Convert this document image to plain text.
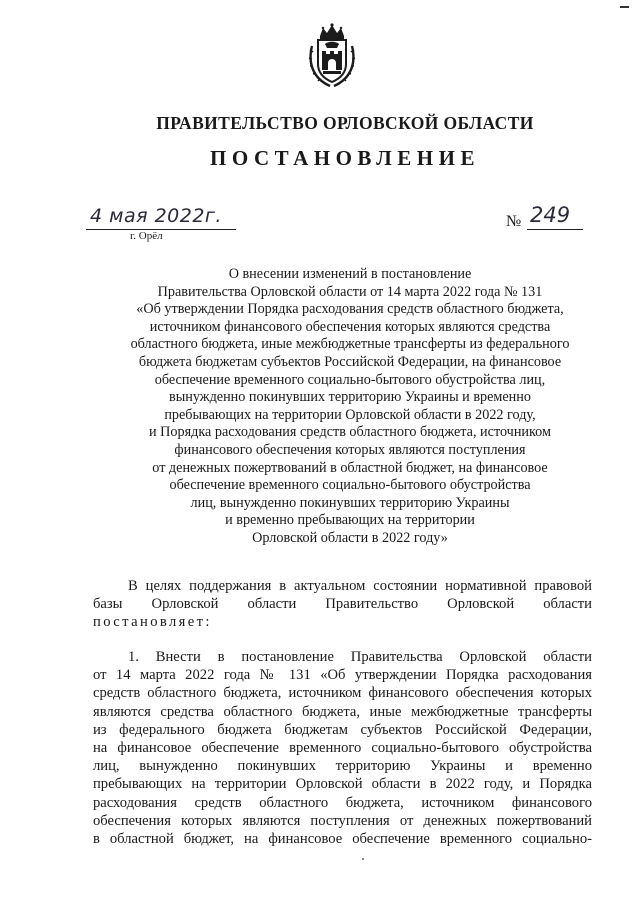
ПРАВИТЕЛЬСТВО ОРЛОВСКОЙ ОБЛАСТИ
ПОСТАНОВЛЕНИЕ
4 мая 2022г.
г. Орёл
№ 249
О внесении изменений в постановление
Правительства Орловской области от 14 марта 2022 года № 131
«Об утверждении Порядка расходования средств областного бюджета,
источником финансового обеспечения которых являются средства
областного бюджета, иные межбюджетные трансферты из федерального
бюджета бюджетам субъектов Российской Федерации, на финансовое
обеспечение временного социально-бытового обустройства лиц,
вынужденно покинувших территорию Украины и временно
пребывающих на территории Орловской области в 2022 году,
и Порядка расходования средств областного бюджета, источником
финансового обеспечения которых являются поступления
от денежных пожертвований в областной бюджет, на финансовое
обеспечение временного социально-бытового обустройства
лиц, вынужденно покинувших территорию Украины
и временно пребывающих на территории
Орловской области в 2022 году»
В целях поддержания в актуальном состоянии нормативной правовой
базы Орловской области Правительство Орловской области
постановляет:
1. Внести в постановление Правительства Орловской области
от 14 марта 2022 года № 131 «Об утверждении Порядка расходования
средств областного бюджета, источником финансового обеспечения которых
являются средства областного бюджета, иные межбюджетные трансферты
из федерального бюджета бюджетам субъектов Российской Федерации,
на финансовое обеспечение временного социально-бытового обустройства
лиц, вынужденно покинувших территорию Украины и временно
пребывающих на территории Орловской области в 2022 году, и Порядка
расходования средств областного бюджета, источником финансового
обеспечения которых являются поступления от денежных пожертвований
в областной бюджет, на финансовое обеспечение временного социально-
